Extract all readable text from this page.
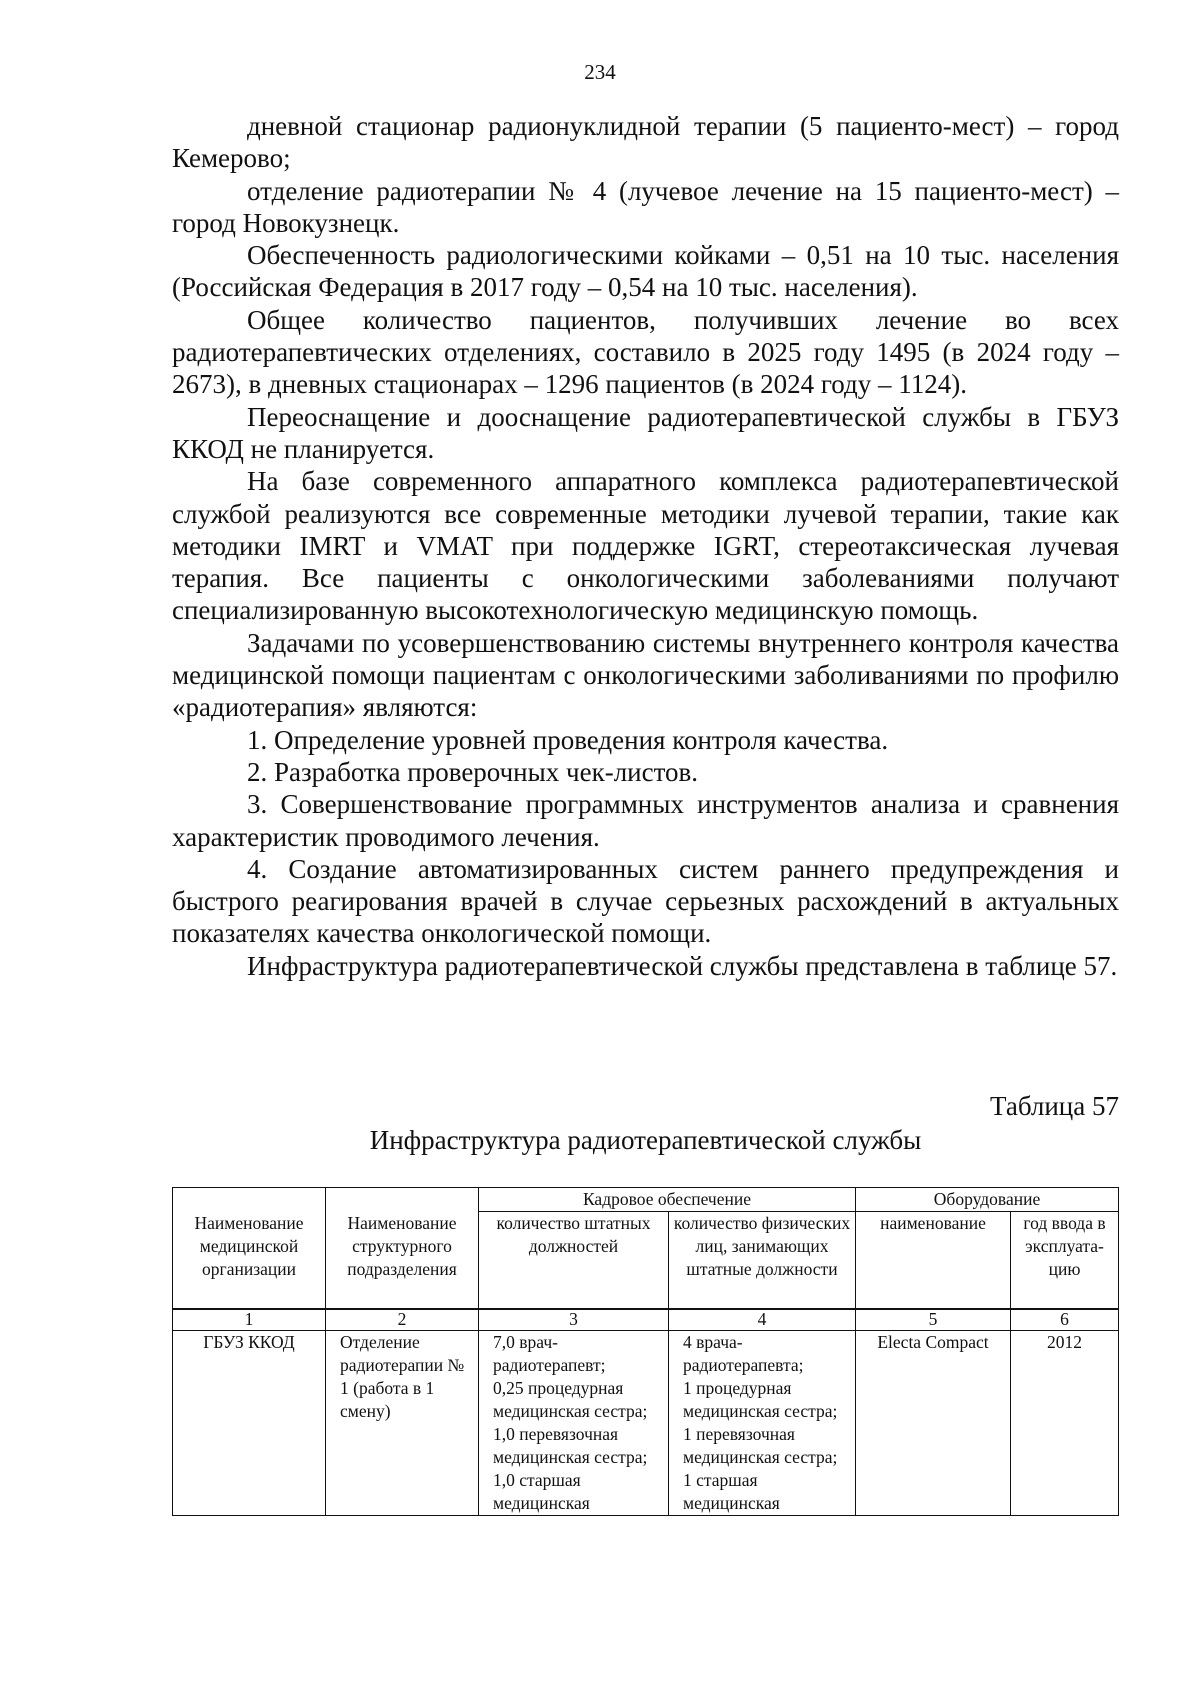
234

дневной стационар радионуклидной терапии (5 пациенто-мест) – город Кемерово;

отделение радиотерапии № 4 (лучевое лечение на 15 пациенто-мест) – город Новокузнецк.

Обеспеченность радиологическими койками – 0,51 на 10 тыс. населения (Российская Федерация в 2017 году – 0,54 на 10 тыс. населения).

Общее количество пациентов, получивших лечение во всех радиотерапевтических отделениях, составило в 2025 году 1495 (в 2024 году – 2673), в дневных стационарах – 1296 пациентов (в 2024 году – 1124).

Переоснащение и дооснащение радиотерапевтической службы в ГБУЗ ККОД не планируется.

На базе современного аппаратного комплекса радиотерапевтической службой реализуются все современные методики лучевой терапии, такие как методики IMRT и VMAT при поддержке IGRT, стереотаксическая лучевая терапия. Все пациенты с онкологическими заболеваниями получают специализированную высокотехнологическую медицинскую помощь.

Задачами по усовершенствованию системы внутреннего контроля качества медицинской помощи пациентам с онкологическими заболиваниями по профилю «радиотерапия» являются:

1. Определение уровней проведения контроля качества.

2. Разработка проверочных чек-листов.

3. Совершенствование программных инструментов анализа и сравнения характеристик проводимого лечения.

4. Создание автоматизированных систем раннего предупреждения и быстрого реагирования врачей в случае серьезных расхождений в актуальных показателях качества онкологической помощи.

Инфраструктура радиотерапевтической службы представлена в таблице 57.

Таблица 57
Инфраструктура радиотерапевтической службы
Наименование медицинской организации	Наименование структурного подразделения	Кадровое обеспечение		Оборудование	
		количество штатных должностей	количество физических лиц, занимающих штатные должности	наименование	год ввода в эксплуата-цию
1	2	3	4	5	6
ГБУЗ ККОД	Отделение радиотерапии № 1 (работа в 1 смену)	7,0 врач-радиотерапевт;
0,25 процедурная медицинская сестра;
1,0 перевязочная медицинская сестра;
1,0 старшая медицинская	4 врача-радиотерапевта;
1 процедурная медицинская сестра;
1 перевязочная медицинская сестра;
1 старшая медицинская	Electa Compact	2012
